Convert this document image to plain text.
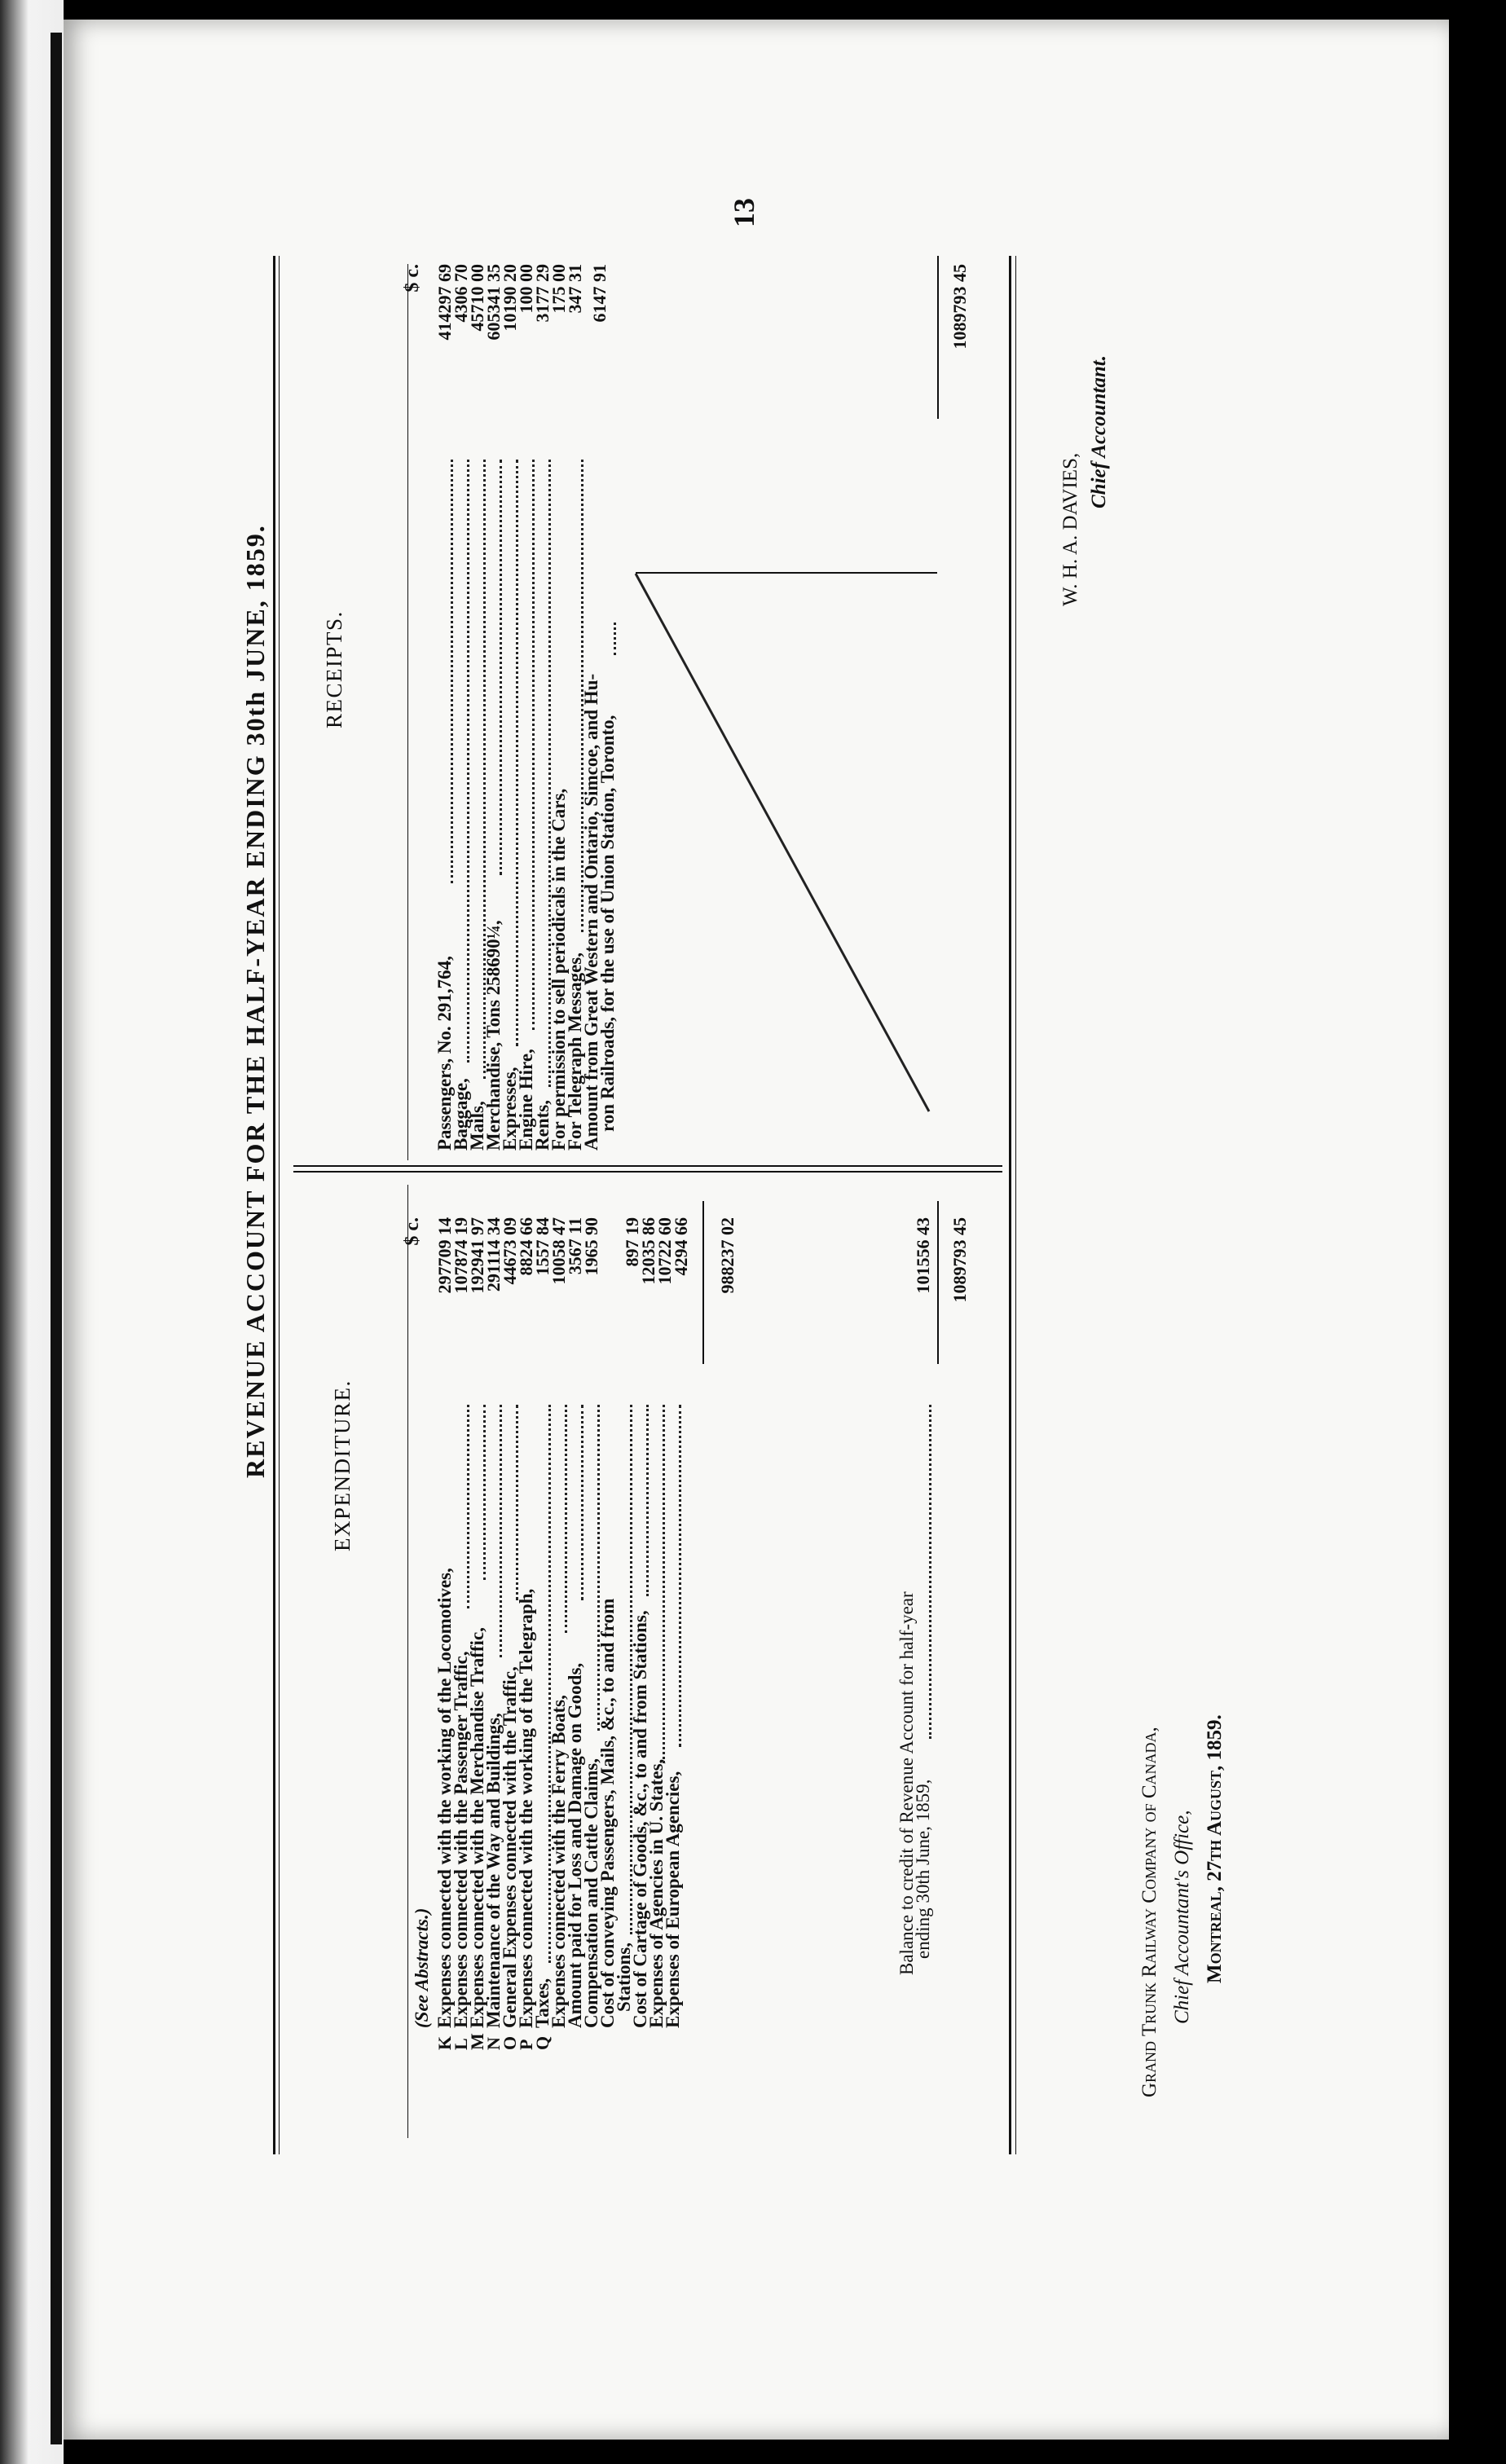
13
REVENUE ACCOUNT FOR THE HALF-YEAR ENDING 30th JUNE, 1859.	EXPENDITURE.
RECEIPTS.
(See Abstracts.)
$ c.
K
Expenses connected with the working of the Locomotives,
297709 14
L
Expenses connected with the Passenger Traffic,
107874 19
M
Expenses connected with the Merchandise Traffic,
192941 97
N
Maintenance of the Way and Buildings,
291114 34
O
General Expenses connected with the Traffic,
44673 09
P
Expenses connected with the working of the Telegraph,
8824 66
Q
Taxes,
1557 84
Expenses connected with the Ferry Boats,
10058 47
Amount paid for Loss and Damage on Goods,
3567 11
Compensation and Cattle Claims,
1965 90
Cost of conveying Passengers, Mails, &c., to and from
Stations,
897 19
Cost of Cartage of Goods, &c., to and from Stations,
12035 86
Expenses of Agencies in U. States,
10722 60
Expenses of European Agencies,
4294 66 988237 02
Balance to credit of Revenue Account for half-year
ending 30th June, 1859,
101556 43 1089793 45
$ c.
Passengers, No. 291,764,
414297 69
Baggage,
4306 70
Mails,
45710 00
Merchandise, Tons 258690¼,
605341 35
Expresses,
10190 20
Engine Hire,
100 00
Rents,
3177 29
For permission to sell periodicals in the Cars,
175 00
For Telegraph Messages,
347 31
Amount from Great Western and Ontario, Simcoe, and Hu-
ron Railroads, for the use of Union Station, Toronto,
6147 91	1089793 45
Grand Trunk Railway Company of Canada, Chief Accountant's Office, Montreal, 27th August, 1859.
W. H. A. DAVIES,
Chief Accountant.
